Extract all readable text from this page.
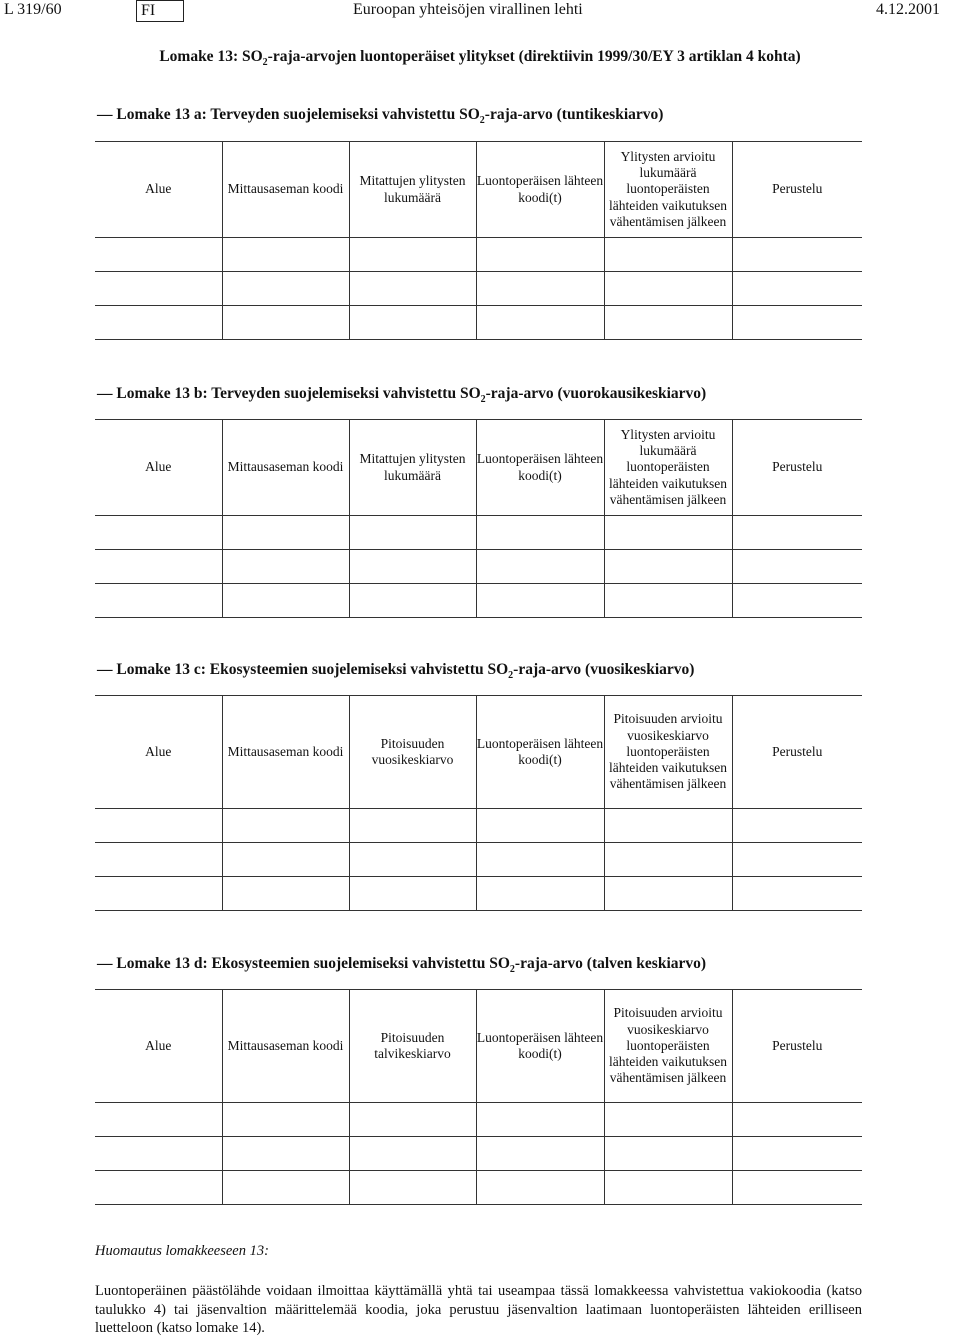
L 319/60	FI	Euroopan yhteisöjen virallinen lehti	4.12.2001
Lomake 13: $SO_2-raja$-arvojen luontoperäiset ylitykset (direktiivin 1999/30/EY 3 artiklan 4 kohta)
— Lomake 13 a: Terveyden suojelemiseksi vahvistettu $SO_2-raja$-arvo (tuntikeskiarvo)
Alue	Mittausaseman koodi	Mitattujen ylitysten lukumäärä	Luontoperäisen lähteen koodi(t)	Ylitysten arvioitu lukumäärä luontoperäisten lähteiden vaikutuksen vähentämisen jälkeen	Perustelu

— Lomake 13 b: Terveyden suojelemiseksi vahvistettu $SO_2-raja$-arvo (vuorokausikeskiarvo)
Alue	Mittausaseman koodi	Mitattujen ylitysten lukumäärä	Luontoperäisen lähteen koodi(t)	Ylitysten arvioitu lukumäärä luontoperäisten lähteiden vaikutuksen vähentämisen jälkeen	Perustelu

— Lomake 13 c: Ekosysteemien suojelemiseksi vahvistettu $SO_2-raja$-arvo (vuosikeskiarvo)
Alue	Mittausaseman koodi	Pitoisuuden vuosikeskiarvo	Luontoperäisen lähteen koodi(t)	Pitoisuuden arvioitu vuosikeskiarvo luontoperäisten lähteiden vaikutuksen vähentämisen jälkeen	Perustelu

— Lomake 13 d: Ekosysteemien suojelemiseksi vahvistettu $SO_2-raja$-arvo (talven keskiarvo)
Alue	Mittausaseman koodi	Pitoisuuden talvikeskiarvo	Luontoperäisen lähteen koodi(t)	Pitoisuuden arvioitu vuosikeskiarvo luontoperäisten lähteiden vaikutuksen vähentämisen jälkeen	Perustelu

Huomautus lomakkeeseen 13:
Luontoperäinen päästölähde voidaan ilmoittaa käyttämällä yhtä tai useampaa tässä lomakkeessa vahvistettua vakiokoodia (katso taulukko 4) tai jäsenvaltion määrittelemää koodia, joka perustuu jäsenvaltion laatimaan luontoperäisten lähteiden erilliseen luetteloon (katso lomake 14).
